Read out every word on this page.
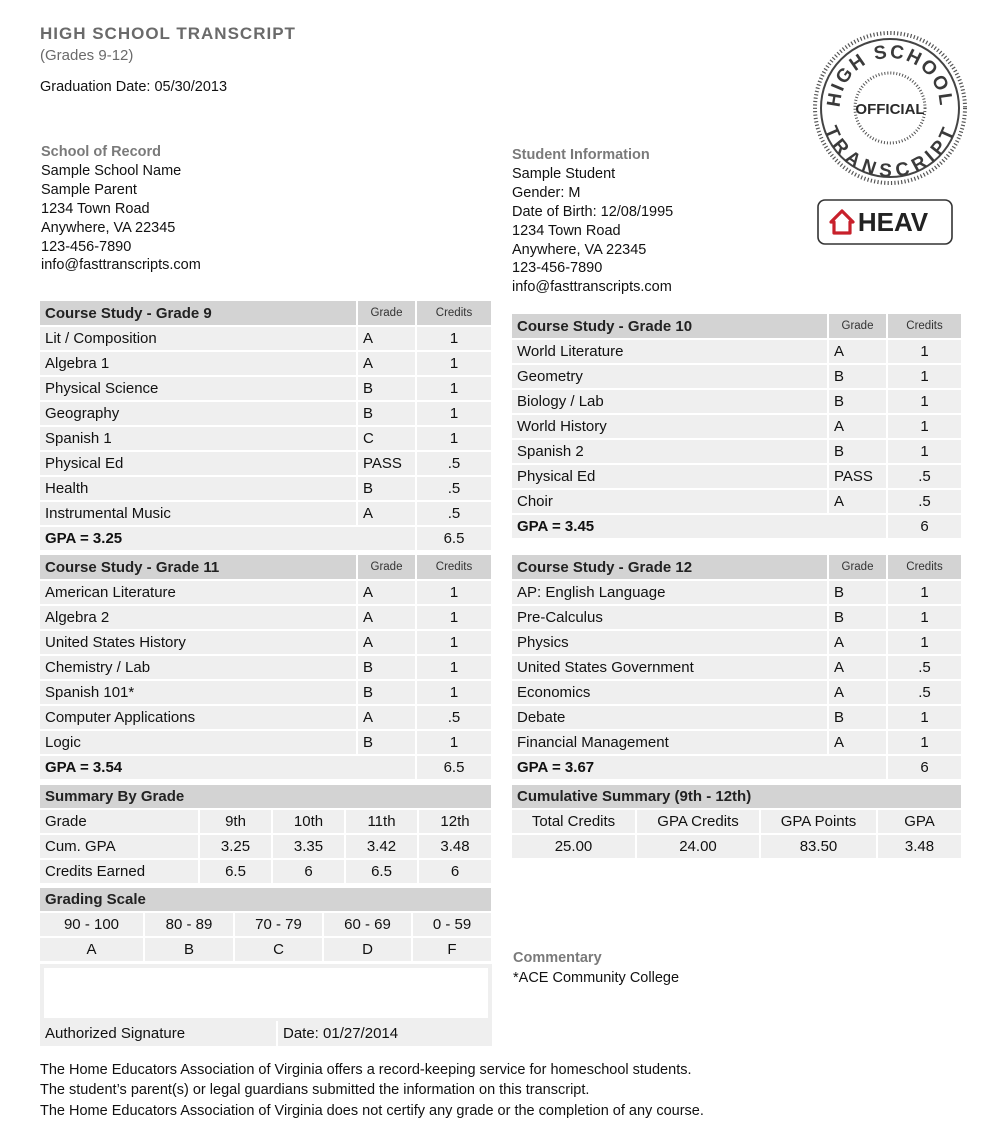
HIGH SCHOOL TRANSCRIPT
(Grades 9-12)
Graduation Date: 05/30/2013
HIGH SCHOOL
TRANSCRIPT
OFFICIAL
HEAV
School of Record
Sample School Name
Sample Parent
1234 Town Road
Anywhere, VA 22345
123-456-7890
info@fasttranscripts.com
Student Information
Sample Student
Gender: M
Date of Birth: 12/08/1995
1234 Town Road
Anywhere, VA 22345
123-456-7890
info@fasttranscripts.com
Course Study - Grade 9	Grade	Credits
Lit / Composition	A	1
Algebra 1	A	1
Physical Science	B	1
Geography	B	1
Spanish 1	C	1
Physical Ed	PASS	.5
Health	B	.5
Instrumental Music	A	.5
GPA = 3.25		6.5
Course Study - Grade 10	Grade	Credits
World Literature	A	1
Geometry	B	1
Biology / Lab	B	1
World History	A	1
Spanish 2	B	1
Physical Ed	PASS	.5
Choir	A	.5
GPA = 3.45		6
Course Study - Grade 11	Grade	Credits
American Literature	A	1
Algebra 2	A	1
United States History	A	1
Chemistry / Lab	B	1
Spanish 101*	B	1
Computer Applications	A	.5
Logic	B	1
GPA = 3.54		6.5
Course Study - Grade 12	Grade	Credits
AP: English Language	B	1
Pre-Calculus	B	1
Physics	A	1
United States Government	A	.5
Economics	A	.5
Debate	B	1
Financial Management	A	1
GPA = 3.67		6
Summary By Grade				
Grade	9th	10th	11th	12th
Cum. GPA	3.25	3.35	3.42	3.48
Credits Earned	6.5	6	6.5	6
Cumulative Summary (9th - 12th)			
Total Credits	GPA Credits	GPA Points	GPA
25.00	24.00	83.50	3.48
Grading Scale				
90 - 100	80 - 89	70 - 79	60 - 69	0 - 59
A	B	C	D	F
Authorized Signature	Date: 01/27/2014
Commentary
*ACE Community College
The Home Educators Association of Virginia offers a record-keeping service for homeschool students.
The student’s parent(s) or legal guardians submitted the information on this transcript.
The Home Educators Association of Virginia does not certify any grade or the completion of any course.
